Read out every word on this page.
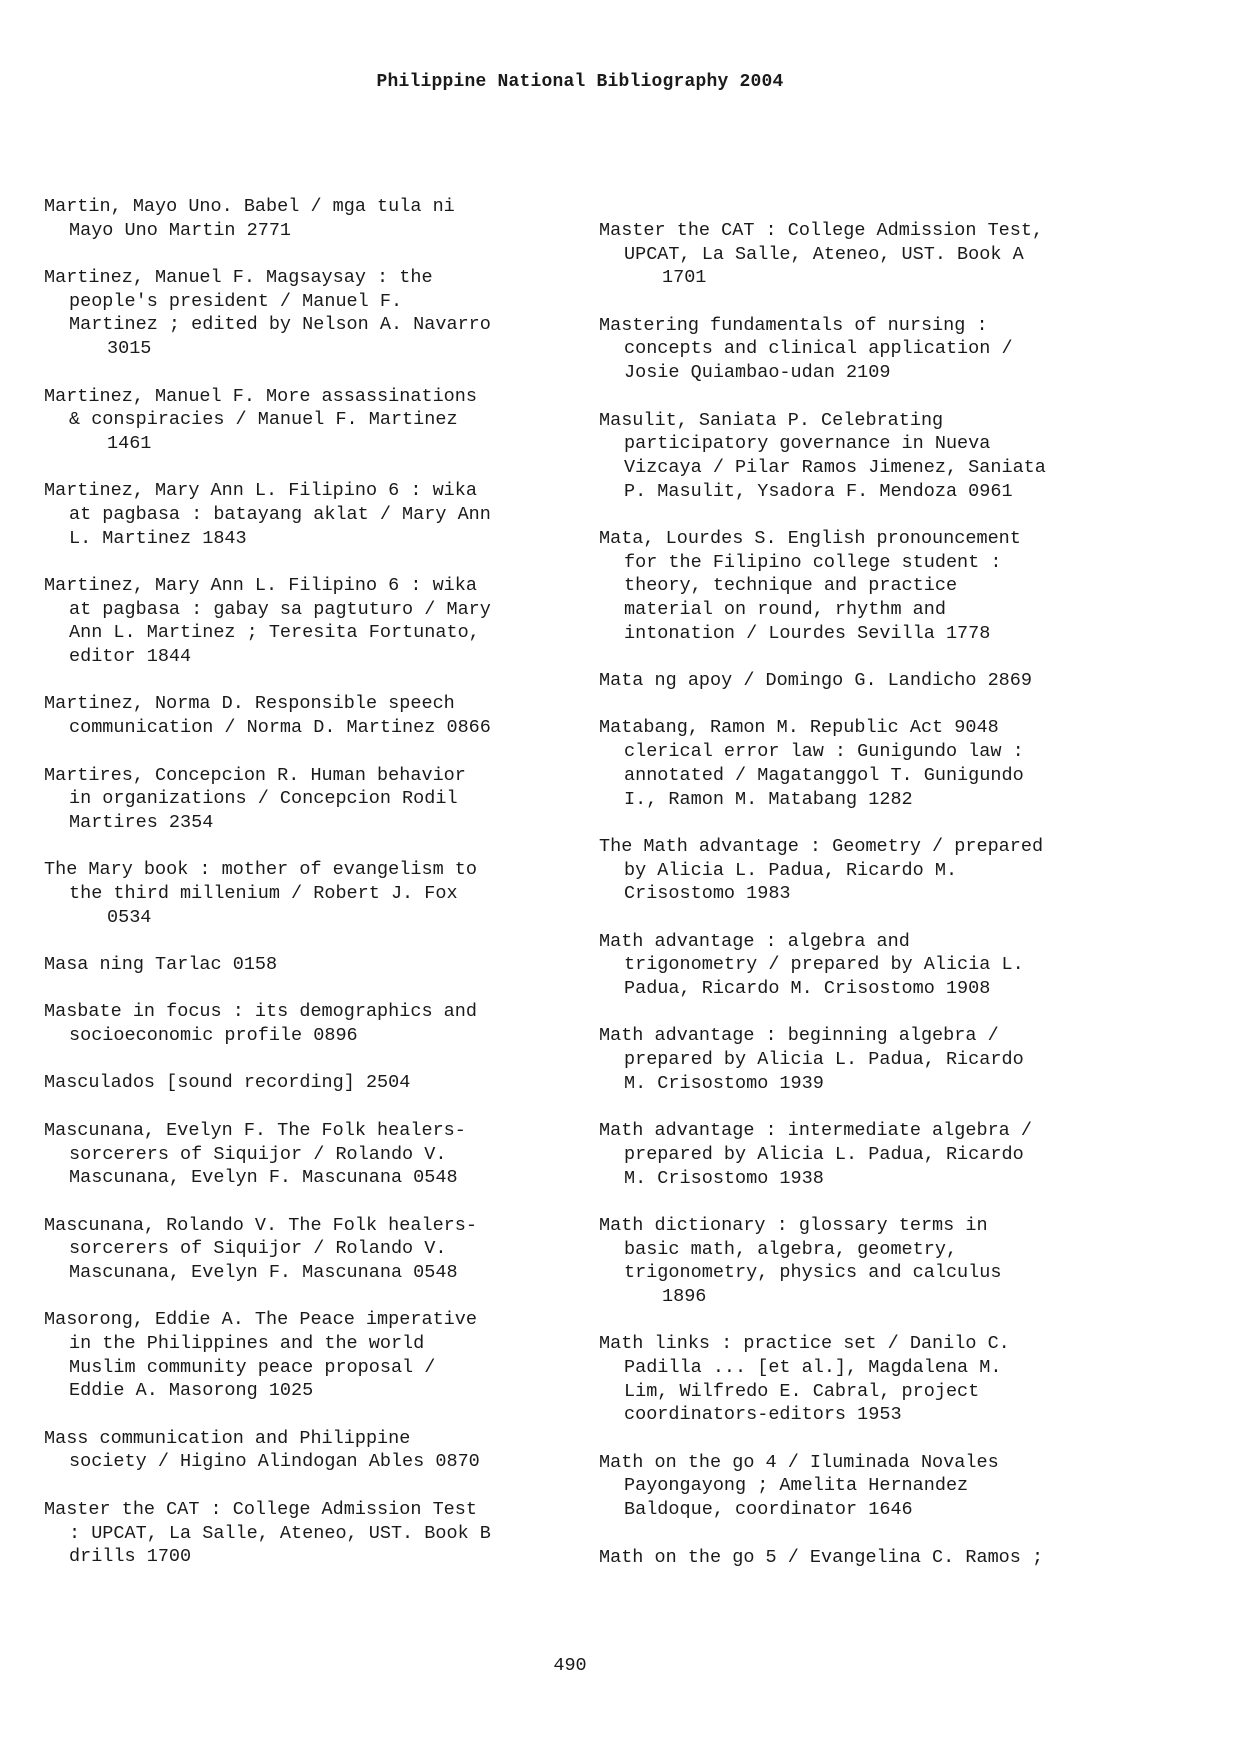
Philippine National Bibliography 2004
Martin, Mayo Uno. Babel / mga tula ni
Mayo Uno Martin 2771
Martinez, Manuel F. Magsaysay : the
people's president / Manuel F.
Martinez ; edited by Nelson A. Navarro
3015
Martinez, Manuel F. More assassinations
& conspiracies / Manuel F. Martinez
1461
Martinez, Mary Ann L. Filipino 6 : wika
at pagbasa : batayang aklat / Mary Ann
L. Martinez 1843
Martinez, Mary Ann L. Filipino 6 : wika
at pagbasa : gabay sa pagtuturo / Mary
Ann L. Martinez ; Teresita Fortunato,
editor 1844
Martinez, Norma D. Responsible speech
communication / Norma D. Martinez 0866
Martires, Concepcion R. Human behavior
in organizations / Concepcion Rodil
Martires 2354
The Mary book : mother of evangelism to
the third millenium / Robert J. Fox
0534
Masa ning Tarlac 0158
Masbate in focus : its demographics and
socioeconomic profile 0896
Masculados [sound recording] 2504
Mascunana, Evelyn F. The Folk healers-
sorcerers of Siquijor / Rolando V.
Mascunana, Evelyn F. Mascunana 0548
Mascunana, Rolando V. The Folk healers-
sorcerers of Siquijor / Rolando V.
Mascunana, Evelyn F. Mascunana 0548
Masorong, Eddie A. The Peace imperative
in the Philippines and the world
Muslim community peace proposal /
Eddie A. Masorong 1025
Mass communication and Philippine
society / Higino Alindogan Ables 0870
Master the CAT : College Admission Test
: UPCAT, La Salle, Ateneo, UST. Book B
drills 1700
Master the CAT : College Admission Test,
UPCAT, La Salle, Ateneo, UST. Book A
1701
Mastering fundamentals of nursing :
concepts and clinical application /
Josie Quiambao-udan 2109
Masulit, Saniata P. Celebrating
participatory governance in Nueva
Vizcaya / Pilar Ramos Jimenez, Saniata
P. Masulit, Ysadora F. Mendoza 0961
Mata, Lourdes S. English pronouncement
for the Filipino college student :
theory, technique and practice
material on round, rhythm and
intonation / Lourdes Sevilla 1778
Mata ng apoy / Domingo G. Landicho 2869
Matabang, Ramon M. Republic Act 9048
clerical error law : Gunigundo law :
annotated / Magatanggol T. Gunigundo
I., Ramon M. Matabang 1282
The Math advantage : Geometry / prepared
by Alicia L. Padua, Ricardo M.
Crisostomo 1983
Math advantage : algebra and
trigonometry / prepared by Alicia L.
Padua, Ricardo M. Crisostomo 1908
Math advantage : beginning algebra /
prepared by Alicia L. Padua, Ricardo
M. Crisostomo 1939
Math advantage : intermediate algebra /
prepared by Alicia L. Padua, Ricardo
M. Crisostomo 1938
Math dictionary : glossary terms in
basic math, algebra, geometry,
trigonometry, physics and calculus
1896
Math links : practice set / Danilo C.
Padilla ... [et al.], Magdalena M.
Lim, Wilfredo E. Cabral, project
coordinators-editors 1953
Math on the go 4 / Iluminada Novales
Payongayong ; Amelita Hernandez
Baldoque, coordinator 1646
Math on the go 5 / Evangelina C. Ramos ;
490
